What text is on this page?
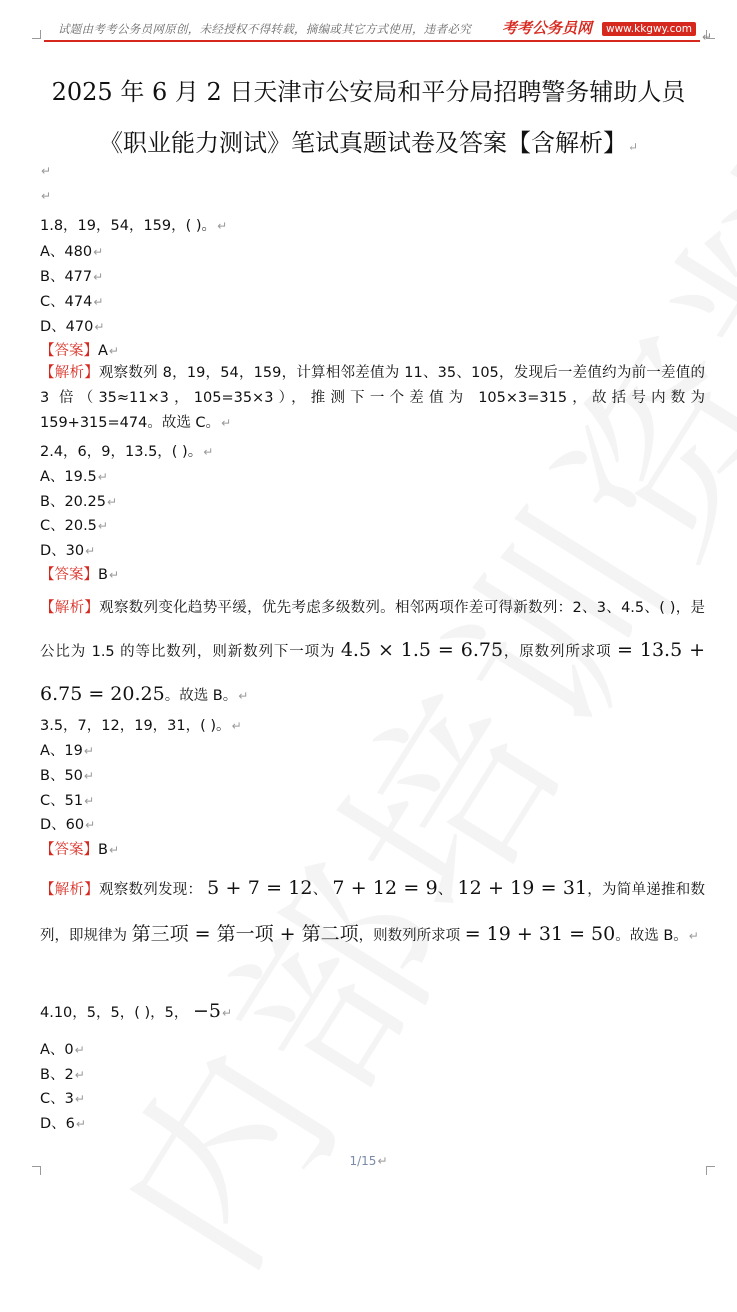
试题由考考公务员网原创，未经授权不得转载，摘编或其它方式使用，违者必究 考考公务员网	www.kkgwy.com
↵
2025 年 6 月 2 日天津市公安局和平分局招聘警务辅助人员
《职业能力测试》笔试真题试卷及答案【含解析】↵
↵
↵
1.8，19，54，159，( )。↵
A、480↵
B、477↵
C、474↵
D、470↵
【答案】A↵
【解析】观察数列 8，19，54，159，计算相邻差值为 11、35、105，发现后一差值约为前一差值的 3 倍（35≈11×3，105=35×3），推测下一个差值为 105×3=315，故括号内数为 159+315=474。故选 C。↵
2.4，6，9，13.5，( )。↵
A、19.5↵
B、20.25↵
C、20.5↵
D、30↵
【答案】B↵
【解析】观察数列变化趋势平缓，优先考虑多级数列。相邻两项作差可得新数列：2、3、4.5、( )，是公比为 1.5 的等比数列，则新数列下一项为 4.5 × 1.5 = 6.75，原数列所求项 = 13.5 + 6.75 = 20.25。故选 B。↵
3.5，7，12，19，31，( )。↵
A、19↵
B、50↵
C、51↵
D、60↵
【答案】B↵
【解析】观察数列发现： 5 + 7 = 12、 7 + 12 = 9、 12 + 19 = 31，为简单递推和数列，即规律为 第三项 = 第一项 + 第二项，则数列所求项 = 19 + 31 = 50。故选 B。↵
4.10，5，5，( )，5， −5↵
A、0↵
B、2↵
C、3↵
D、6↵
1/15↵
